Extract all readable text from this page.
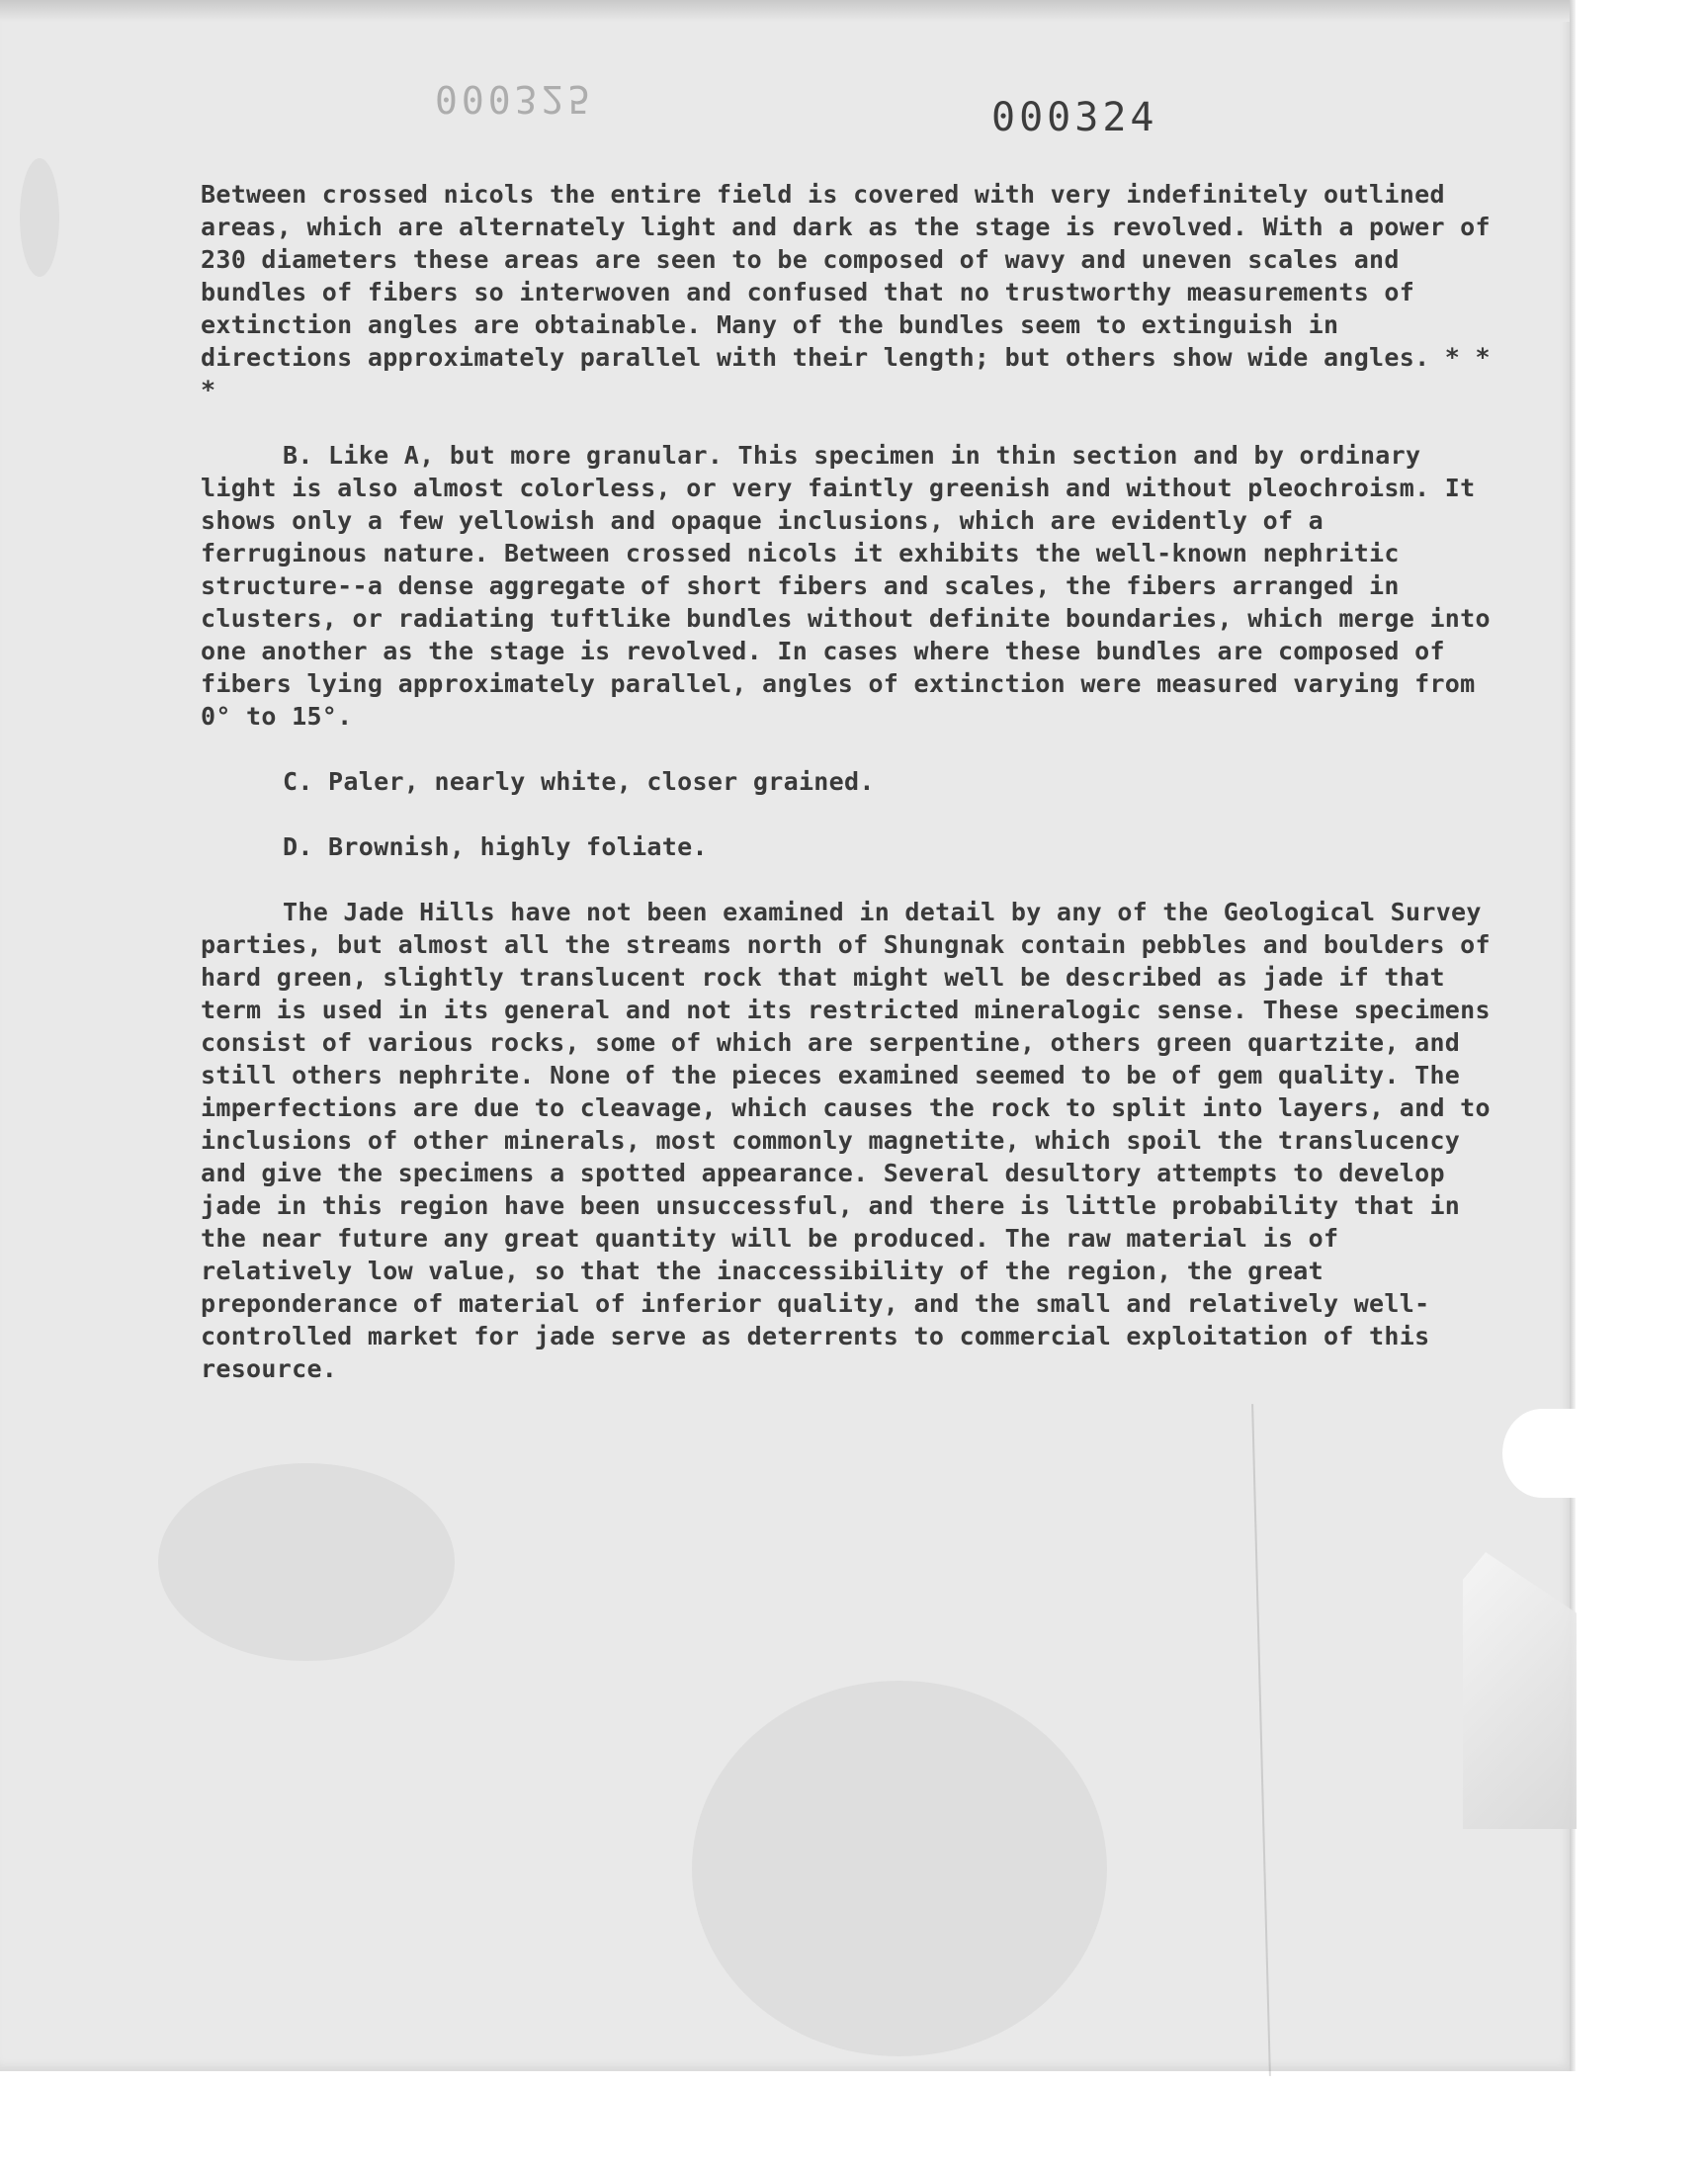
000325	000324

Between crossed nicols the entire field is covered with very indefinitely outlined areas, which are alternately light and dark as the stage is revolved. With a power of 230 diameters these areas are seen to be composed of wavy and uneven scales and bundles of fibers so interwoven and confused that no trustworthy measurements of extinction angles are obtainable. Many of the bundles seem to extinguish in directions approximately parallel with their length; but others show wide angles. * * *

B. Like A, but more granular. This specimen in thin section and by ordinary light is also almost colorless, or very faintly greenish and without pleochroism. It shows only a few yellowish and opaque inclusions, which are evidently of a ferruginous nature. Between crossed nicols it exhibits the well-known nephritic structure--a dense aggregate of short fibers and scales, the fibers arranged in clusters, or radiating tuftlike bundles without definite boundaries, which merge into one another as the stage is revolved. In cases where these bundles are composed of fibers lying approximately parallel, angles of extinction were measured varying from 0° to 15°.

C. Paler, nearly white, closer grained.

D. Brownish, highly foliate.

The Jade Hills have not been examined in detail by any of the Geological Survey parties, but almost all the streams north of Shungnak contain pebbles and boulders of hard green, slightly translucent rock that might well be described as jade if that term is used in its general and not its restricted mineralogic sense. These specimens consist of various rocks, some of which are serpentine, others green quartzite, and still others nephrite. None of the pieces examined seemed to be of gem quality. The imperfections are due to cleavage, which causes the rock to split into layers, and to inclusions of other minerals, most commonly magnetite, which spoil the translucency and give the specimens a spotted appearance. Several desultory attempts to develop jade in this region have been unsuccessful, and there is little probability that in the near future any great quantity will be produced. The raw material is of relatively low value, so that the inaccessibility of the region, the great preponderance of material of inferior quality, and the small and relatively well-controlled market for jade serve as deterrents to commercial exploitation of this resource.
